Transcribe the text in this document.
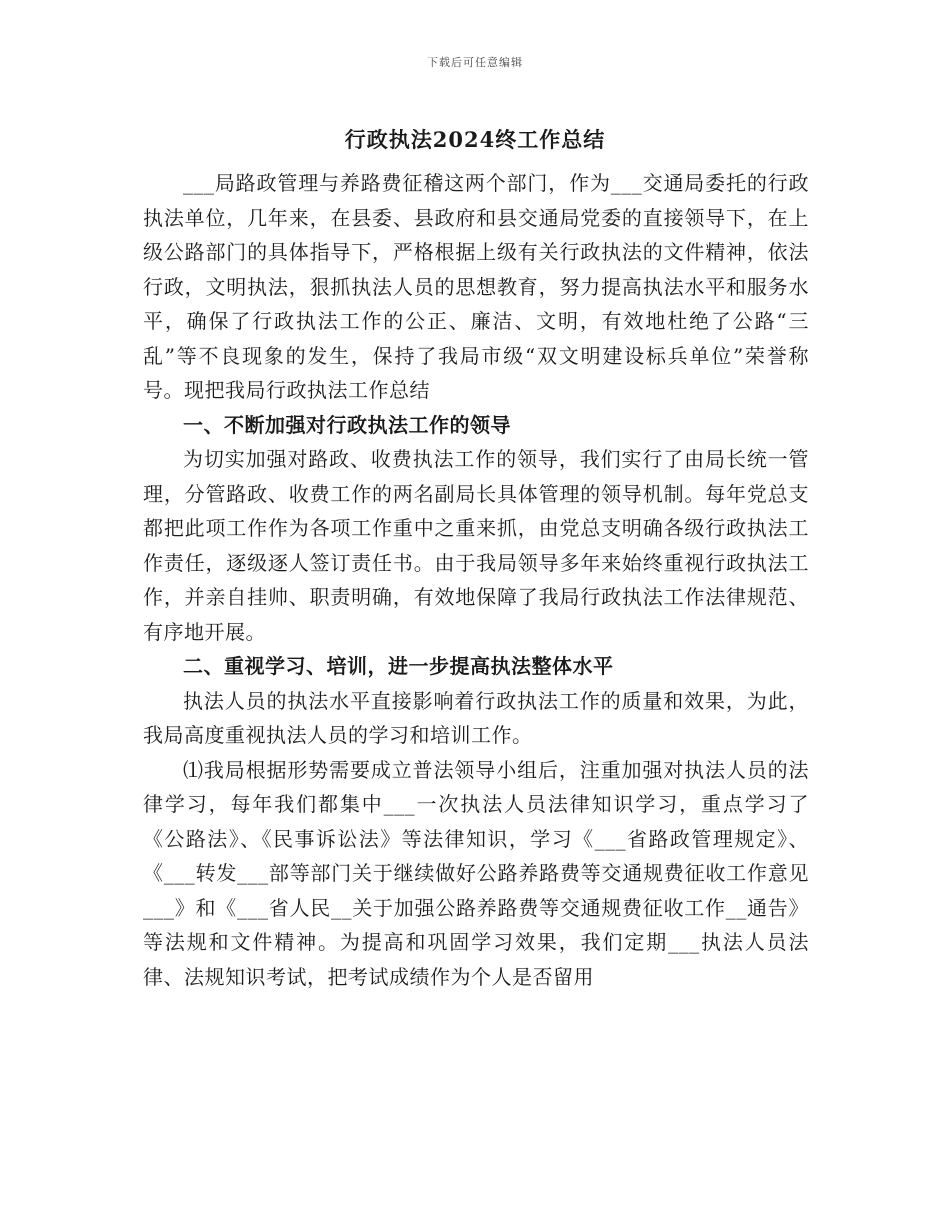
下载后可任意编辑
行政执法2024终工作总结

___局路政管理与养路费征稽这两个部门，作为___交通局委托的行政执法单位，几年来，在县委、县政府和县交通局党委的直接领导下，在上级公路部门的具体指导下，严格根据上级有关行政执法的文件精神，依法行政，文明执法，狠抓执法人员的思想教育，努力提高执法水平和服务水平，确保了行政执法工作的公正、廉洁、文明，有效地杜绝了公路“三乱”等不良现象的发生，保持了我局市级“双文明建设标兵单位”荣誉称号。现把我局行政执法工作总结

一、不断加强对行政执法工作的领导

为切实加强对路政、收费执法工作的领导，我们实行了由局长统一管理，分管路政、收费工作的两名副局长具体管理的领导机制。每年党总支都把此项工作作为各项工作重中之重来抓，由党总支明确各级行政执法工作责任，逐级逐人签订责任书。由于我局领导多年来始终重视行政执法工作，并亲自挂帅、职责明确，有效地保障了我局行政执法工作法律规范、有序地开展。

二、重视学习、培训，进一步提高执法整体水平

执法人员的执法水平直接影响着行政执法工作的质量和效果，为此，我局高度重视执法人员的学习和培训工作。

⑴我局根据形势需要成立普法领导小组后，注重加强对执法人员的法律学习，每年我们都集中___一次执法人员法律知识学习，重点学习了《公路法》、《民事诉讼法》等法律知识，学习《___省路政管理规定》、《___转发___部等部门关于继续做好公路养路费等交通规费征收工作意见___》和《___省人民__关于加强公路养路费等交通规费征收工作__通告》等法规和文件精神。为提高和巩固学习效果，我们定期___执法人员法律、法规知识考试，把考试成绩作为个人是否留用
